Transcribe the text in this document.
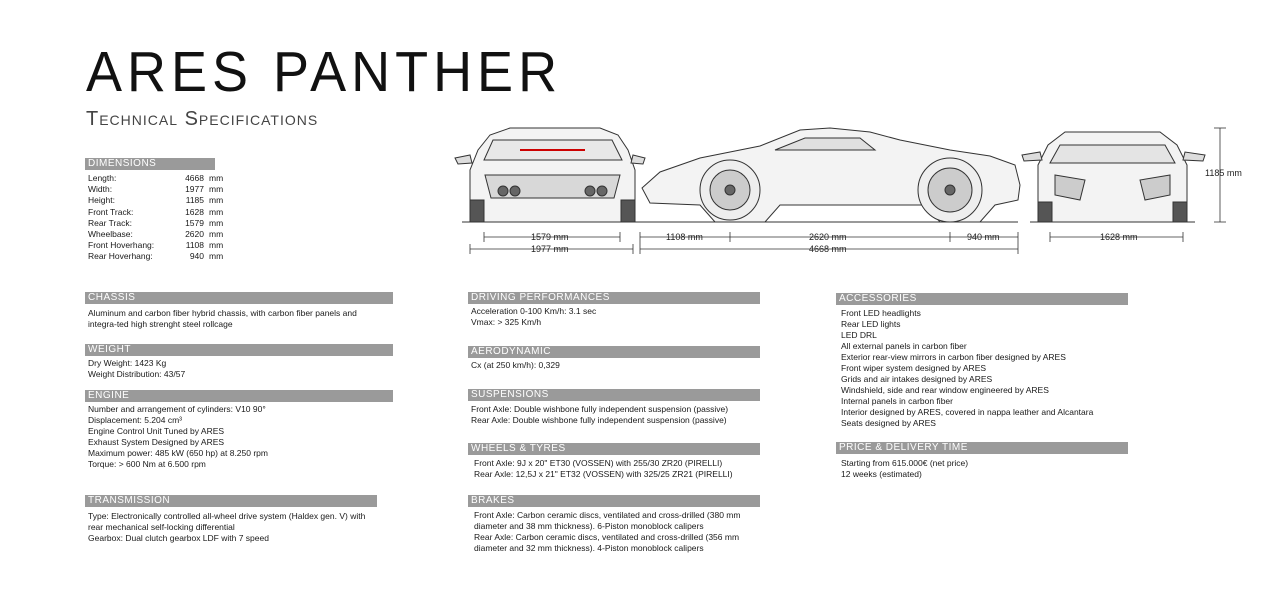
ARES PANTHER
Technical Specifications
DIMENSIONS
Length:	4668 mm
Width:	1977 mm
Height:	1185 mm
Front Track:	1628 mm
Rear Track:	1579 mm
Wheelbase:	2620 mm
Front Hoverhang:	1108 mm
Rear Hoverhang:	940 mm
CHASSIS
Aluminum and carbon fiber hybrid chassis, with carbon fiber panels and integra-ted high strenght steel rollcage
WEIGHT
Dry Weight: 1423 Kg
Weight Distribution: 43/57
ENGINE
Number and arrangement of cylinders: V10 90°
Displacement: 5.204 cm³
Engine Control Unit Tuned by ARES
Exhaust System Designed by ARES
Maximum power: 485 kW (650 hp) at 8.250 rpm
Torque: > 600 Nm at 6.500 rpm
TRANSMISSION
Type: Electronically controlled all-wheel drive system (Haldex gen. V) with
rear mechanical self-locking differential
Gearbox: Dual clutch gearbox LDF with 7 speed
DRIVING PERFORMANCES
Acceleration 0-100 Km/h: 3.1 sec
Vmax: > 325 Km/h
AERODYNAMIC
Cx (at 250 km/h): 0,329
SUSPENSIONS
Front Axle: Double wishbone fully independent suspension (passive)
Rear Axle: Double wishbone fully independent suspension (passive)
WHEELS & TYRES
Front Axle: 9J x 20" ET30 (VOSSEN) with 255/30 ZR20 (PIRELLI)
Rear Axle: 12,5J x 21" ET32 (VOSSEN) with 325/25 ZR21 (PIRELLI)
BRAKES
Front Axle: Carbon ceramic discs, ventilated and cross-drilled (380 mm
diameter and 38 mm thickness). 6-Piston monoblock calipers
Rear Axle: Carbon ceramic discs, ventilated and cross-drilled (356 mm
diameter and 32 mm thickness). 4-Piston monoblock calipers
ACCESSORIES
Front LED headlights
Rear LED lights
LED DRL
All external panels in carbon fiber
Exterior rear-view mirrors in carbon fiber designed by ARES
Front wiper system designed by ARES
Grids and air intakes designed by ARES
Windshield, side and rear window engineered by ARES
Internal panels in carbon fiber
Interior designed by ARES, covered in nappa leather and Alcantara
Seats designed by ARES
PRICE & DELIVERY TIME
Starting from 615.000€ (net price)
12 weeks (estimated)
1579 mm
1977 mm
1108 mm	2620 mm	940 mm
4668 mm
1628 mm
1185 mm
